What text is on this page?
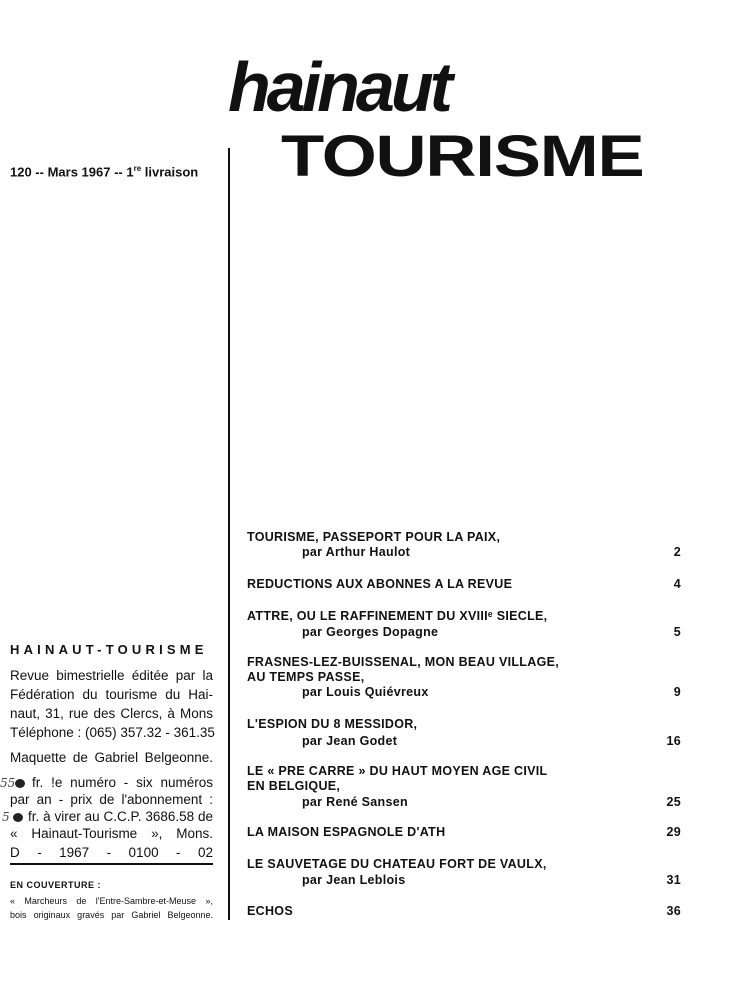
hainaut
TOURISME
120 -- Mars 1967 -- 1re livraison
TOURISME, PASSEPORT POUR LA PAIX,
par Arthur Haulot	2
REDUCTIONS AUX ABONNES A LA REVUE	4
ATTRE, OU LE RAFFINEMENT DU XVIIIᵉ SIECLE,
par Georges Dopagne	5
FRASNES-LEZ-BUISSENAL, MON BEAU VILLAGE,
AU TEMPS PASSE,
par Louis Quiévreux	9
L'ESPION DU 8 MESSIDOR,
par Jean Godet	16
LE « PRE CARRE » DU HAUT MOYEN AGE CIVIL
EN BELGIQUE,
par René Sansen	25
LA MAISON ESPAGNOLE D'ATH	29
LE SAUVETAGE DU CHATEAU FORT DE VAULX,
par Jean Leblois	31
ECHOS	36
HAINAUT-TOURISME
Revue bimestrielle éditée par la
Fédération du tourisme du Hai-
naut, 31, rue des Clercs, à Mons
Téléphone : (065) 357.32 - 361.35
Maquette de Gabriel Belgeonne.
55 fr. !e numéro - six numéros
par an - prix de l'abonnement :
5 fr. à virer au C.C.P. 3686.58 de
« Hainaut-Tourisme », Mons.
D - 1967 - 0100 - 02
EN COUVERTURE :
« Marcheurs de l'Entre-Sambre-et-Meuse »,
bois originaux gravés par Gabriel Belgeonne.
